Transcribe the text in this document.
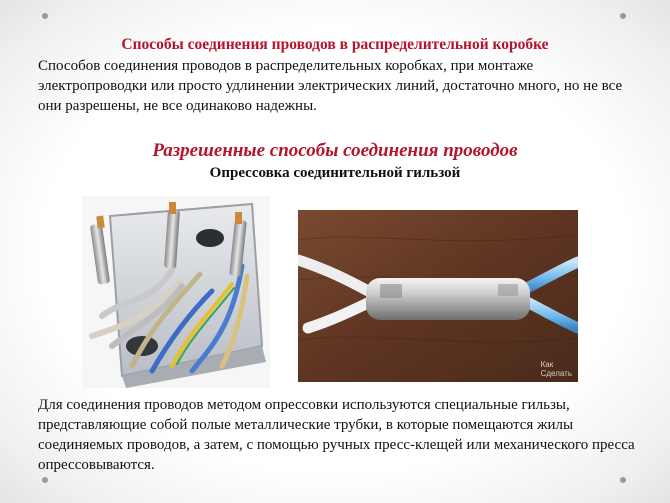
Способы соединения проводов в распределительной коробке

Способов соединения проводов в распределительных коробках, при монтаже электропроводки или просто удлинении электрических линий, достаточно много, но не все они разрешены, не все одинаково надежны.

Разрешенные способы соединения проводов
Опрессовка соединительной гильзой
Как
Сделать

Для соединения проводов методом опрессовки используются специальные гильзы, представляющие собой полые металлические трубки, в которые помещаются жилы соединяемых проводов, а затем, с помощью ручных пресс-клещей или механического пресса опрессовываются.
